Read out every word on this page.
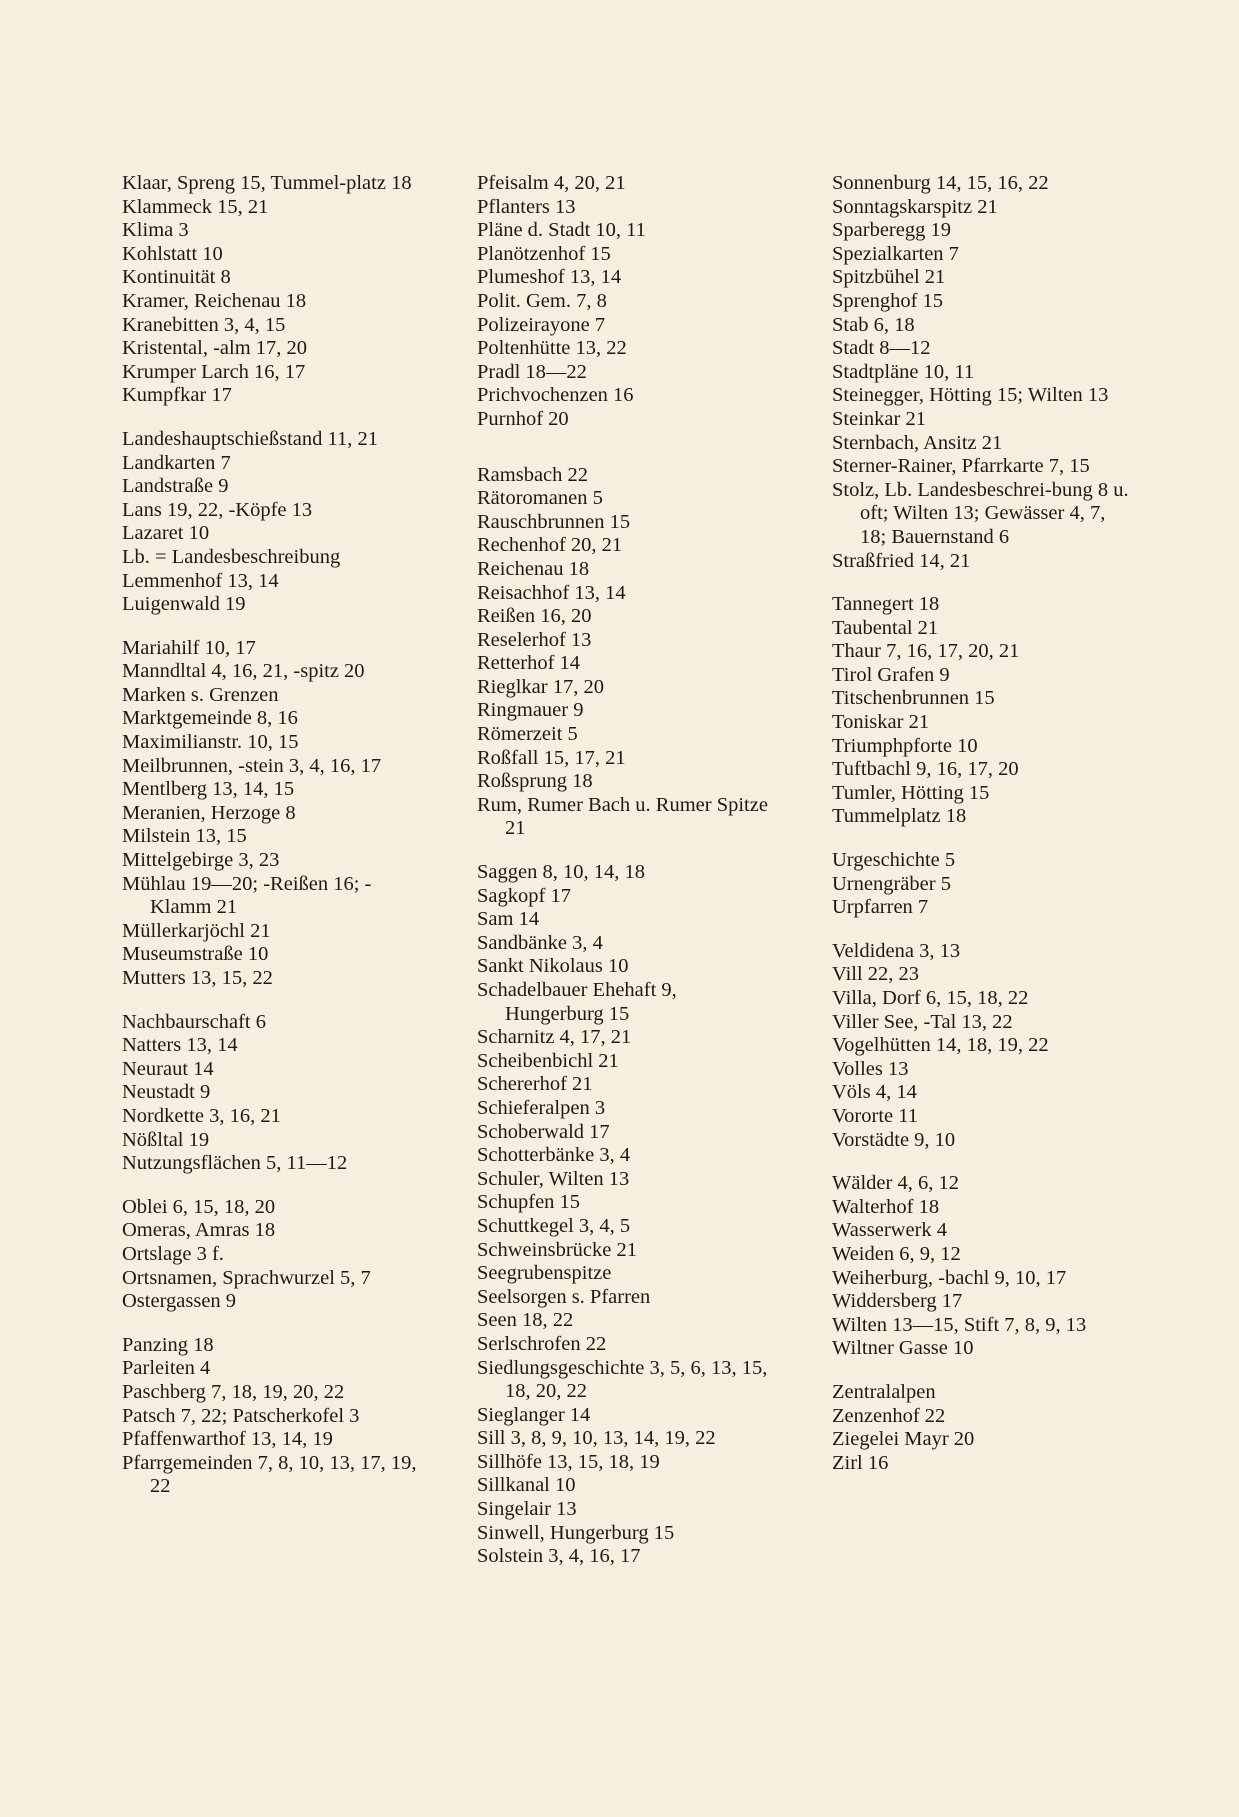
Klaar, Spreng 15, Tummel-platz 18
Klammeck 15, 21
Klima 3
Kohlstatt 10
Kontinuität 8
Kramer, Reichenau 18
Kranebitten 3, 4, 15
Kristental, -alm 17, 20
Krumper Larch 16, 17
Kumpfkar 17
Landeshauptschießstand 11, 21
Landkarten 7
Landstraße 9
Lans 19, 22, -Köpfe 13
Lazaret 10
Lb. = Landesbeschreibung
Lemmenhof 13, 14
Luigenwald 19
Mariahilf 10, 17
Manndltal 4, 16, 21, -spitz 20
Marken s. Grenzen
Marktgemeinde 8, 16
Maximilianstr. 10, 15
Meilbrunnen, -stein 3, 4, 16, 17
Mentlberg 13, 14, 15
Meranien, Herzoge 8
Milstein 13, 15
Mittelgebirge 3, 23
Mühlau 19—20; -Reißen 16; -Klamm 21
Müllerkarjöchl 21
Museumstraße 10
Mutters 13, 15, 22
Nachbaurschaft 6
Natters 13, 14
Neuraut 14
Neustadt 9
Nordkette 3, 16, 21
Nößltal 19
Nutzungsflächen 5, 11—12
Oblei 6, 15, 18, 20
Omeras, Amras 18
Ortslage 3 f.
Ortsnamen, Sprachwurzel 5, 7
Ostergassen 9
Panzing 18
Parleiten 4
Paschberg 7, 18, 19, 20, 22
Patsch 7, 22; Patscherkofel 3
Pfaffenwarthof 13, 14, 19
Pfarrgemeinden 7, 8, 10, 13, 17, 19, 22
Pfeisalm 4, 20, 21
Pflanters 13
Pläne d. Stadt 10, 11
Planötzenhof 15
Plumeshof 13, 14
Polit. Gem. 7, 8
Polizeirayone 7
Poltenhütte 13, 22
Pradl 18—22
Prichvochenzen 16
Purnhof 20
Ramsbach 22
Rätoromanen 5
Rauschbrunnen 15
Rechenhof 20, 21
Reichenau 18
Reisachhof 13, 14
Reißen 16, 20
Reselerhof 13
Retterhof 14
Rieglkar 17, 20
Ringmauer 9
Römerzeit 5
Roßfall 15, 17, 21
Roßsprung 18
Rum, Rumer Bach u. Rumer Spitze 21
Saggen 8, 10, 14, 18
Sagkopf 17
Sam 14
Sandbänke 3, 4
Sankt Nikolaus 10
Schadelbauer Ehehaft 9, Hungerburg 15
Scharnitz 4, 17, 21
Scheibenbichl 21
Schererhof 21
Schieferalpen 3
Schoberwald 17
Schotterbänke 3, 4
Schuler, Wilten 13
Schupfen 15
Schuttkegel 3, 4, 5
Schweinsbrücke 21
Seegrubenspitze
Seelsorgen s. Pfarren
Seen 18, 22
Serlschrofen 22
Siedlungsgeschichte 3, 5, 6, 13, 15, 18, 20, 22
Sieglanger 14
Sill 3, 8, 9, 10, 13, 14, 19, 22
Sillhöfe 13, 15, 18, 19
Sillkanal 10
Singelair 13
Sinwell, Hungerburg 15
Solstein 3, 4, 16, 17
Sonnenburg 14, 15, 16, 22
Sonntagskarspitz 21
Sparberegg 19
Spezialkarten 7
Spitzbühel 21
Sprenghof 15
Stab 6, 18
Stadt 8—12
Stadtpläne 10, 11
Steinegger, Hötting 15; Wilten 13
Steinkar 21
Sternbach, Ansitz 21
Sterner-Rainer, Pfarrkarte 7, 15
Stolz, Lb. Landesbeschrei-bung 8 u. oft; Wilten 13; Gewässer 4, 7, 18; Bauernstand 6
Straßfried 14, 21
Tannegert 18
Taubental 21
Thaur 7, 16, 17, 20, 21
Tirol Grafen 9
Titschenbrunnen 15
Toniskar 21
Triumphpforte 10
Tuftbachl 9, 16, 17, 20
Tumler, Hötting 15
Tummelplatz 18
Urgeschichte 5
Urnengräber 5
Urpfarren 7
Veldidena 3, 13
Vill 22, 23
Villa, Dorf 6, 15, 18, 22
Viller See, -Tal 13, 22
Vogelhütten 14, 18, 19, 22
Volles 13
Völs 4, 14
Vororte 11
Vorstädte 9, 10
Wälder 4, 6, 12
Walterhof 18
Wasserwerk 4
Weiden 6, 9, 12
Weiherburg, -bachl 9, 10, 17
Widdersberg 17
Wilten 13—15, Stift 7, 8, 9, 13
Wiltner Gasse 10
Zentralalpen
Zenzenhof 22
Ziegelei Mayr 20
Zirl 16
